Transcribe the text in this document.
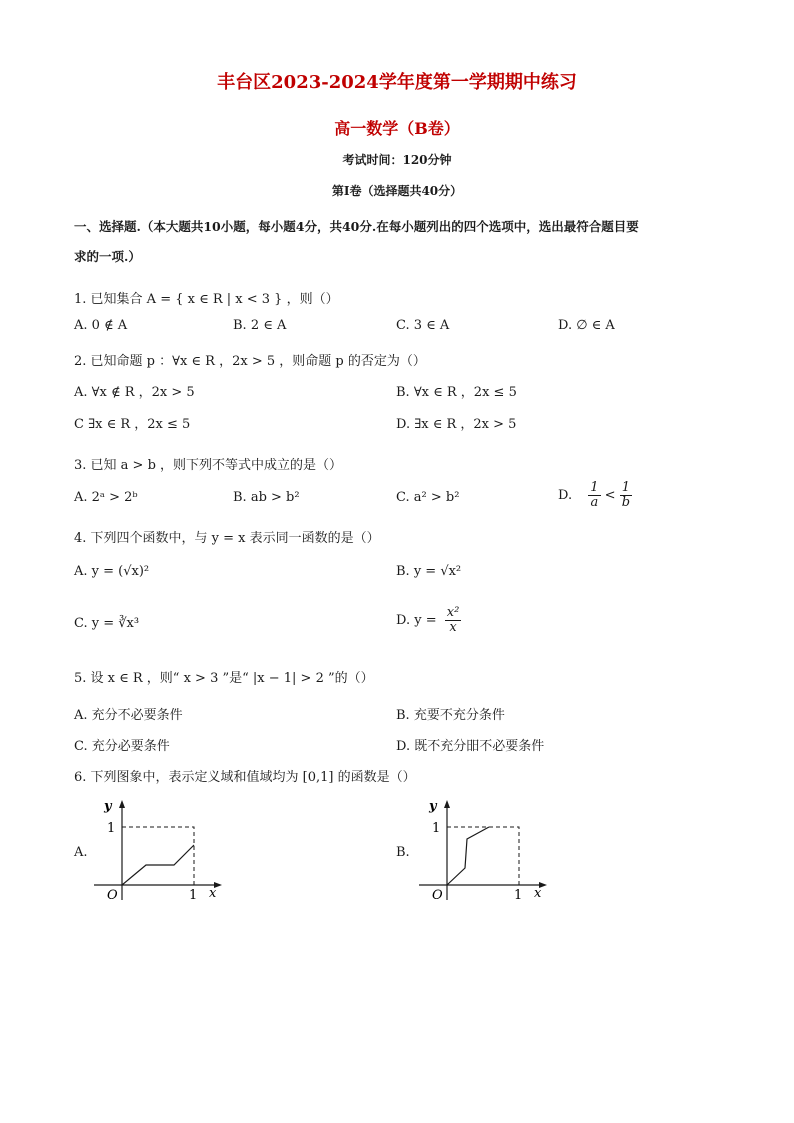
丰台区2023-2024学年度第一学期期中练习
高一数学（B卷）
考试时间：120分钟
第Ⅰ卷（选择题共40分）
一、选择题.（本大题共10小题，每小题4分，共40分.在每小题列出的四个选项中，选出最符合题目要
求的一项.）
1. 已知集合 A = { x ∈ R | x < 3 } ，则（）
A. 0 ∉ A	B. 2 ∈ A	C. 3 ∈ A	D. ∅ ∈ A
2. 已知命题 p ：∀x ∈ R ，2x > 5 ，则命题 p 的否定为（）
A. ∀x ∉ R ，2x > 5	B. ∀x ∈ R ，2x ≤ 5
C ∃x ∈ R ，2x ≤ 5	D. ∃x ∈ R ，2x > 5
3. 已知 a > b ，则下列不等式中成立的是（）
A. 2ᵃ > 2ᵇ	B. ab > b²	C. a² > b²	D. $\frac{1}{a} < \frac{1}{b}$
4. 下列四个函数中，与 y = x 表示同一函数的是（）
A. y = (√x)²	B. y = √x²
C. y = ∛x³	D. $y = \frac{\text{x²}}{x}$
5. 设 x ∈ R ，则“ x > 3 ”是“ |x − 1| > 2 ”的（）
A. 充分不必要条件	B. 充要不充分条件
C. 充分必要条件	D. 既不充分昍不必要条件
6. 下列图象中，表示定义域和值域均为 [0,1] 的函数是（）
A.
y
1
O	1 x
B.
y
1
O	1 x
